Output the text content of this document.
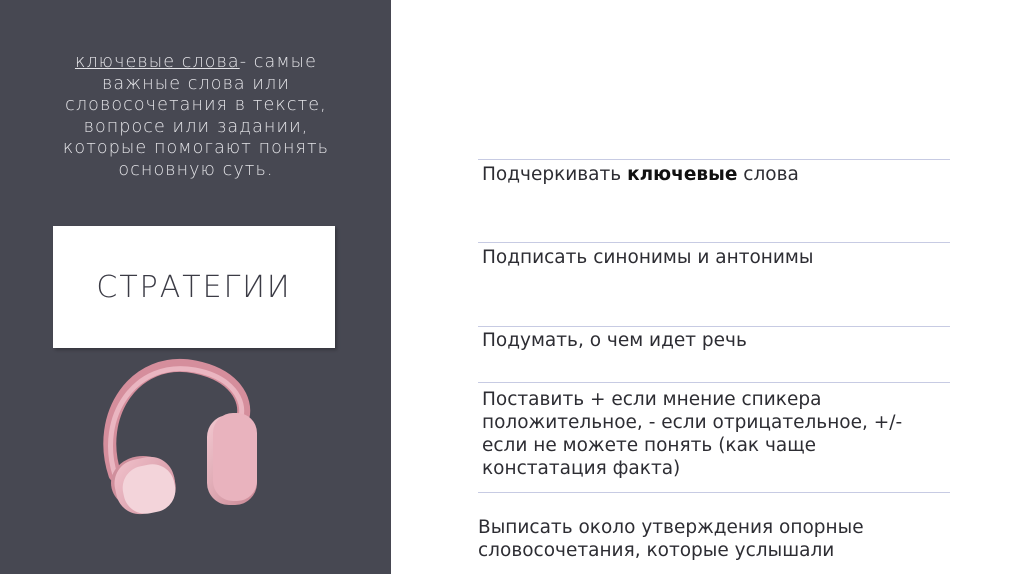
ключевые слова- самые важные слова или словосочетания в тексте, вопросе или задании, которые помогают понять основную суть.
СТРАТЕГИИ
Подчеркивать ключевые слова
Подписать синонимы и антонимы
Подумать, о чем идет речь
Поставить + если мнение спикера положительное, - если отрицательное, +/- если не можете понять (как чаще констатация факта)
Выписать около утверждения опорные словосочетания, которые услышали
